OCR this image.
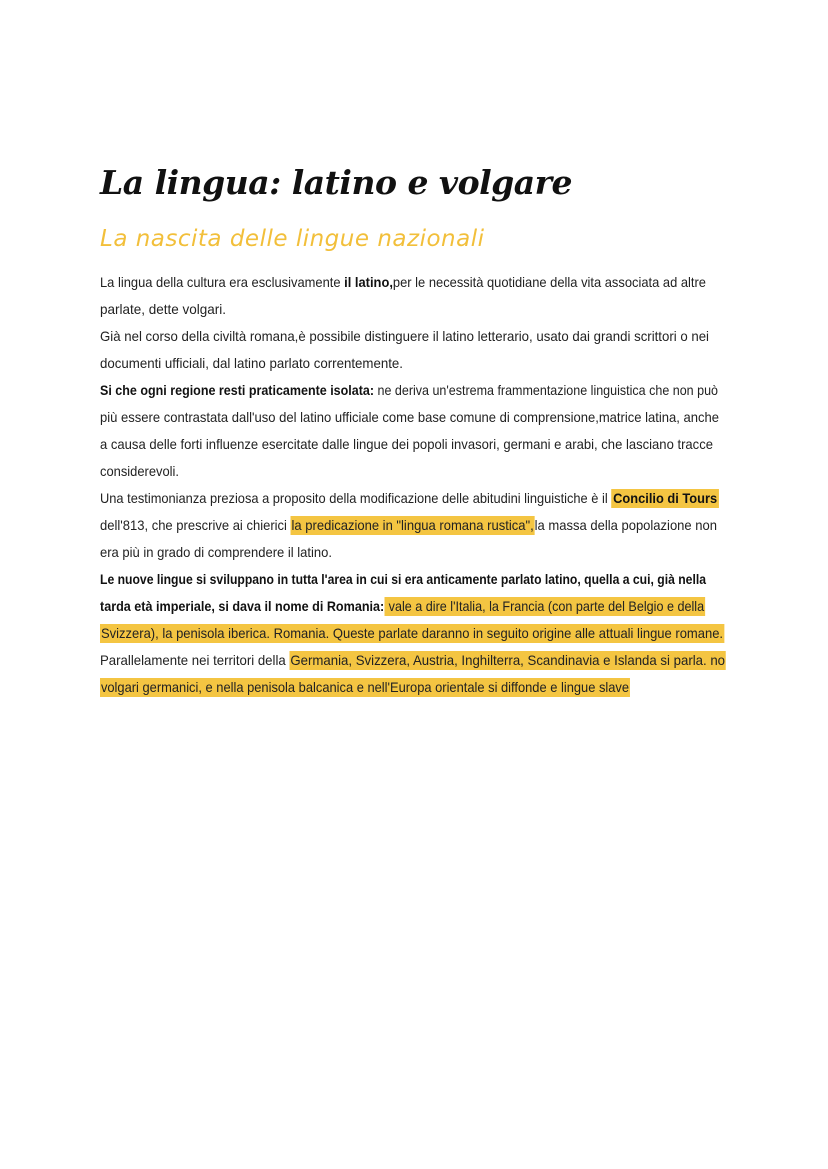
La lingua: latino e volgare
La nascita delle lingue nazionali
La lingua della cultura era esclusivamente il latino,per le necessità quotidiane della vita associata ad altre
parlate, dette volgari.
Già nel corso della civiltà romana,è possibile distinguere il latino letterario, usato dai grandi scrittori o nei
documenti ufficiali, dal latino parlato correntemente.
Si che ogni regione resti praticamente isolata: ne deriva un'estrema frammentazione linguistica che non può
più essere contrastata dall'uso del latino ufficiale come base comune di comprensione,matrice latina, anche
a causa delle forti influenze esercitate dalle lingue dei popoli invasori, germani e arabi, che lasciano tracce
considerevoli.
Una testimonianza preziosa a proposito della modificazione delle abitudini linguistiche è il Concilio di Tours
dell'813, che prescrive ai chierici la predicazione in "lingua romana rustica",la massa della popolazione non
era più in grado di comprendere il latino.
Le nuove lingue si sviluppano in tutta l'area in cui si era anticamente parlato latino, quella a cui, già nella
tarda età imperiale, si dava il nome di Romania: vale a dire l'Italia, la Francia (con parte del Belgio e della
Svizzera), la penisola iberica. Romania. Queste parlate daranno in seguito origine alle attuali lingue romane.
Parallelamente nei territori della Germania, Svizzera, Austria, Inghilterra, Scandinavia e Islanda si parla. no
volgari germanici, e nella penisola balcanica e nell'Europa orientale si diffonde e lingue slave
